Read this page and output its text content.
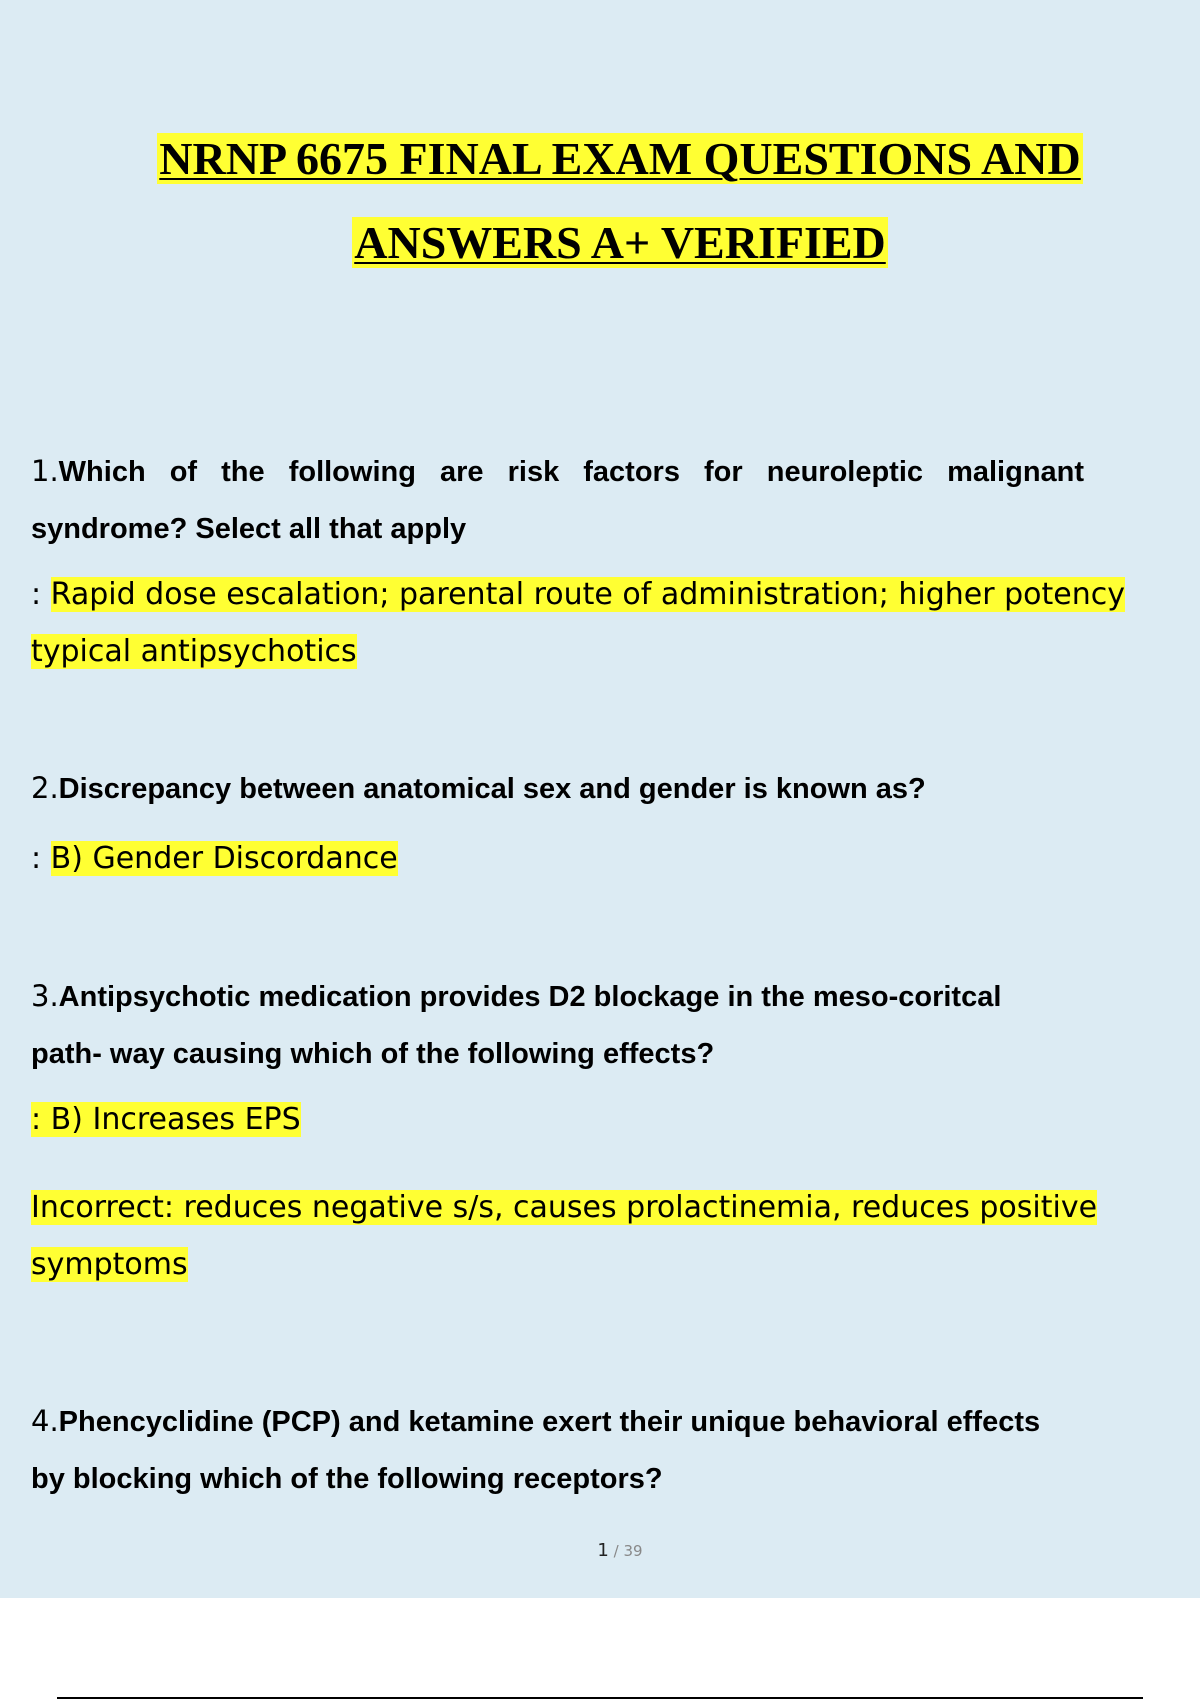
NRNP 6675 FINAL EXAM QUESTIONS AND
ANSWERS A+ VERIFIED
1.Which of the following are risk factors for neuroleptic malignant
syndrome? Select all that apply
: Rapid dose escalation; parental route of administration; higher potency
typical antipsychotics
2.Discrepancy between anatomical sex and gender is known as?
: B) Gender Discordance
3.Antipsychotic medication provides D2 blockage in the meso-coritcal
path- way causing which of the following effects?
: B) Increases EPS
Incorrect: reduces negative s/s, causes prolactinemia, reduces positive
symptoms
4.Phencyclidine (PCP) and ketamine exert their unique behavioral effects
by blocking which of the following receptors?
1 / 39
